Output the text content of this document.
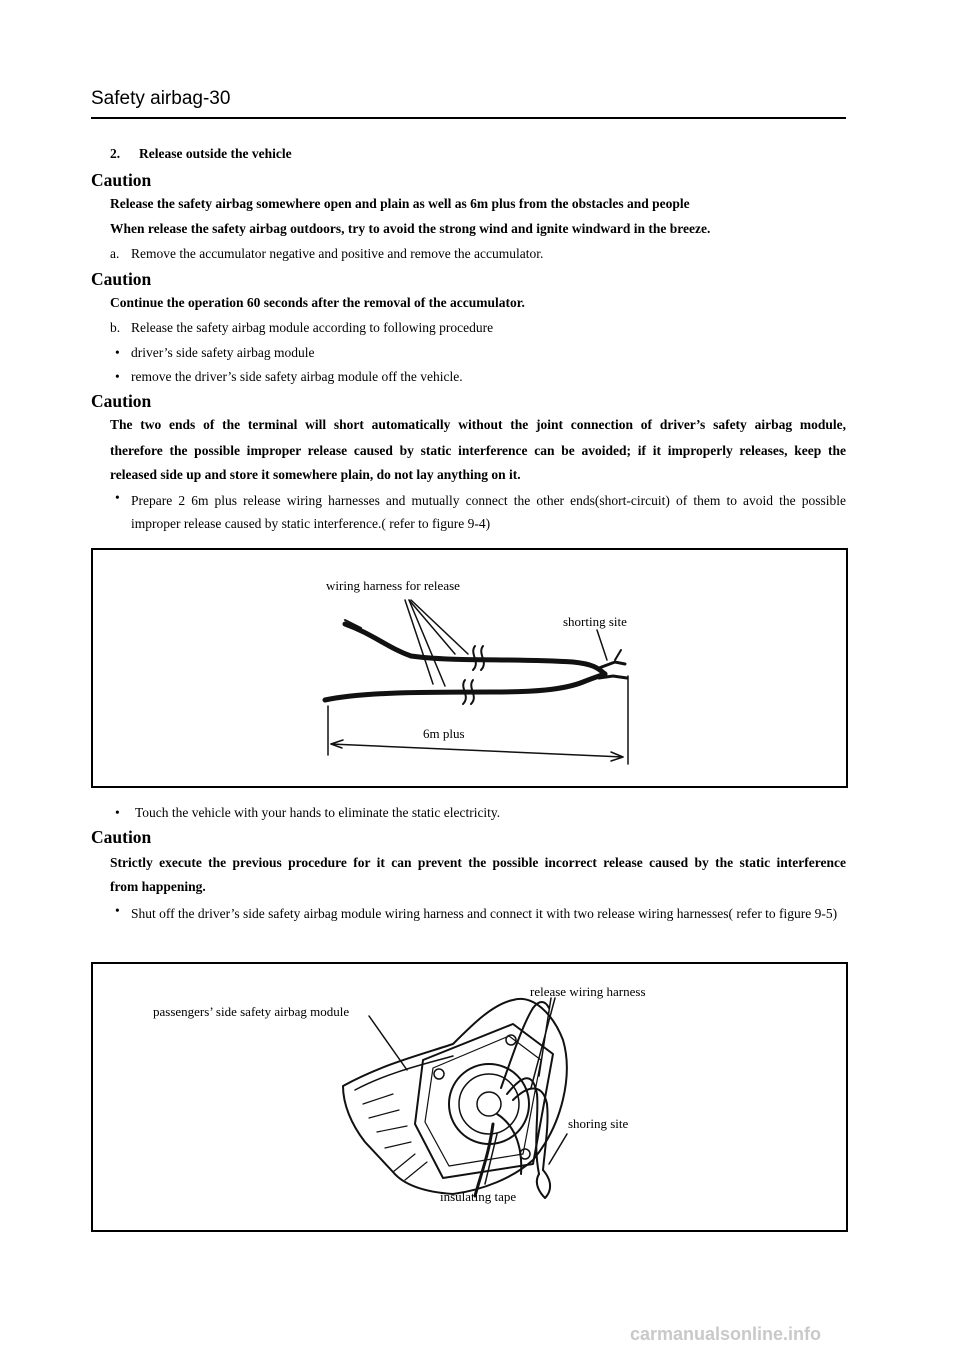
Safety airbag-30
2. Release outside the vehicle
Caution
Release the safety airbag somewhere open and plain as well as 6m plus from the obstacles and people
When release the safety airbag outdoors, try to avoid the strong wind and ignite windward in the breeze.
a. Remove the accumulator negative and positive and remove the accumulator.
Caution
Continue the operation 60 seconds after the removal of the accumulator.
b. Release the safety airbag module according to following procedure
• driver’s side safety airbag module
• remove the driver’s side safety airbag module off the vehicle.
Caution
The two ends of the terminal will short automatically without the joint connection of driver’s safety airbag module,
therefore the possible improper release caused by static interference can be avoided; if it improperly releases, keep the
released side up and store it somewhere plain, do not lay anything on it.
• Prepare 2 6m plus release wiring harnesses and mutually connect the other ends(short-circuit) of them to avoid the possible improper release caused by static interference.( refer to figure 9-4)
wiring harness for release
shorting site
6m plus
• Touch the vehicle with your hands to eliminate the static electricity.
Caution
Strictly execute the previous procedure for it can prevent the possible incorrect release caused by the static interference
from happening.
• Shut off the driver’s side safety airbag module wiring harness and connect it with two release wiring harnesses( refer to figure 9-5)
passengers’ side safety airbag module
release wiring harness
shoring site
insulating tape
carmanualsonline.info
